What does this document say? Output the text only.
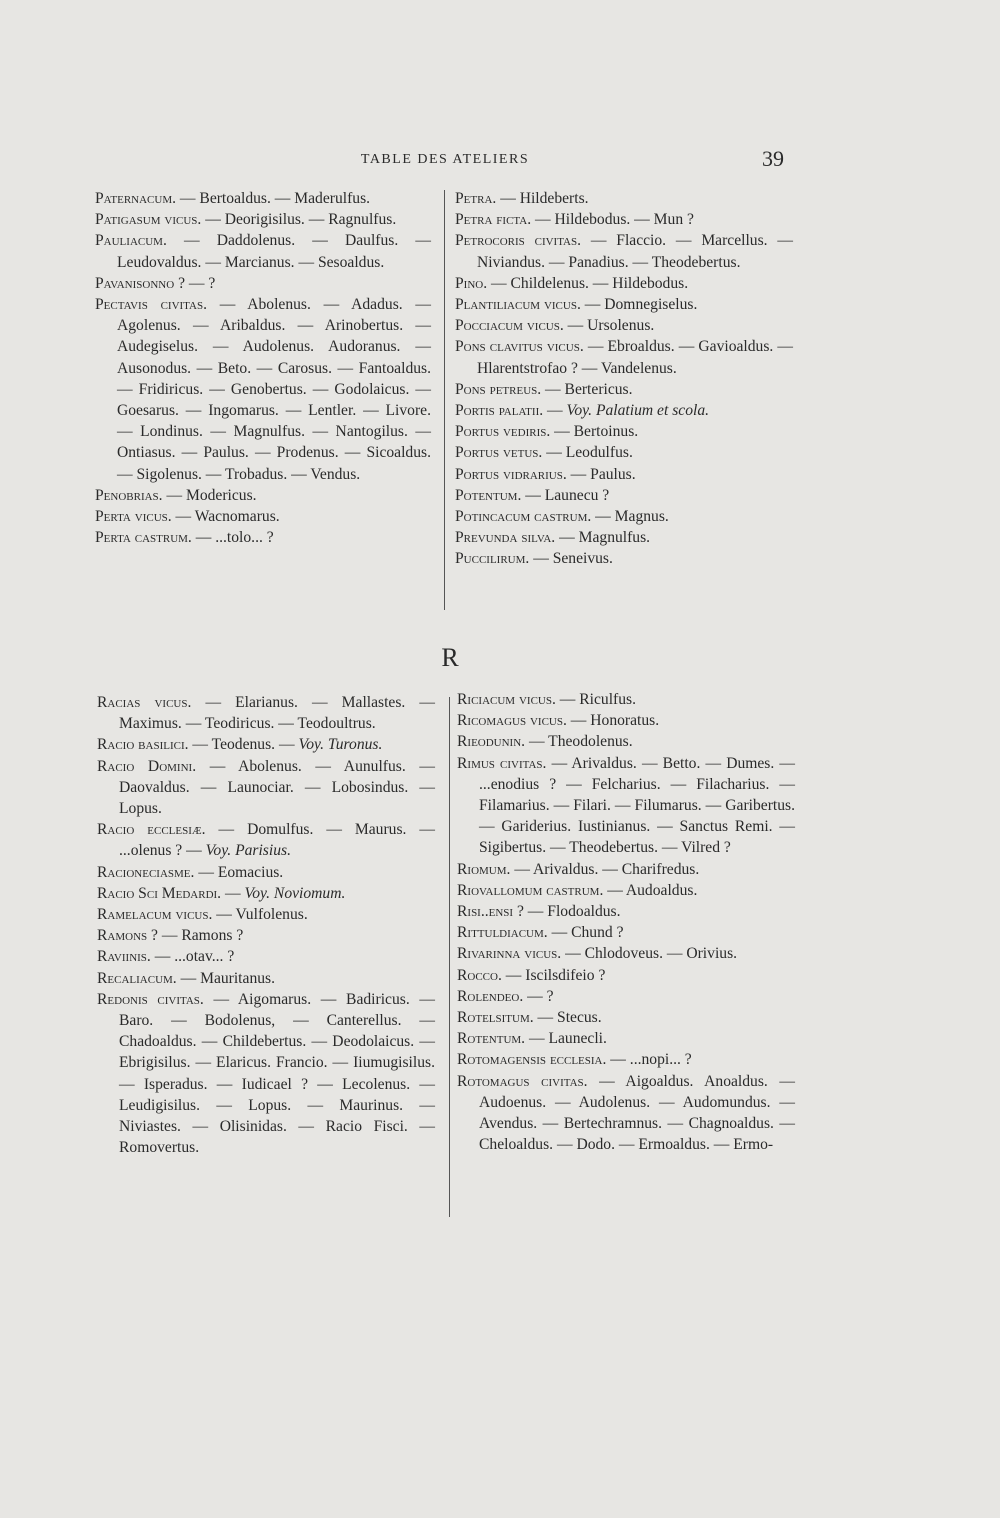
TABLE DES ATELIERS	39

Paternacum. — Bertoaldus. — Maderulfus.

Patigasum vicus. — Deorigisilus. — Ragnulfus.

Pauliacum. — Daddolenus. — Daulfus. — Leudovaldus. — Marcianus. — Sesoaldus.

Pavanisonno ? — ?

Pectavis civitas. — Abolenus. — Adadus. — Agolenus. — Aribaldus. — Arinobertus. — Audegiselus. — Audolenus. Audoranus. — Ausonodus. — Beto. — Carosus. — Fantoaldus. — Fridiricus. — Genobertus. — Godolaicus. — Goesarus. — Ingomarus. — Lentler. — Livore. — Londinus. — Magnulfus. — Nantogilus. — Ontiasus. — Paulus. — Prodenus. — Sicoaldus. — Sigolenus. — Trobadus. — Vendus.

Penobrias. — Modericus.

Perta vicus. — Wacnomarus.

Perta castrum. — ...tolo... ?

Petra. — Hildeberts.

Petra ficta. — Hildebodus. — Mun ?

Petrocoris civitas. — Flaccio. — Marcellus. — Niviandus. — Panadius. — Theodebertus.

Pino. — Childelenus. — Hildebodus.

Plantiliacum vicus. — Domnegiselus.

Pocciacum vicus. — Ursolenus.

Pons clavitus vicus. — Ebroaldus. — Gavioaldus. — Hlarentstrofao ? — Vandelenus.

Pons petreus. — Bertericus.

Portis palatii. — Voy. Palatium et scola.

Portus vediris. — Bertoinus.

Portus vetus. — Leodulfus.

Portus vidrarius. — Paulus.

Potentum. — Launecu ?

Potincacum castrum. — Magnus.

Prevunda silva. — Magnulfus.

Puccilirum. — Seneivus.

R

Racias vicus. — Elarianus. — Mallastes. — Maximus. — Teodiricus. — Teodoultrus.

Racio basilici. — Teodenus. — Voy. Turonus.

Racio Domini. — Abolenus. — Aunulfus. — Daovaldus. — Launociar. — Lobosindus. — Lopus.

Racio ecclesiæ. — Domulfus. — Maurus. — ...olenus ? — Voy. Parisius.

Racioneciasme. — Eomacius.

Racio Sci Medardi. — Voy. Noviomum.

Ramelacum vicus. — Vulfolenus.

Ramons ? — Ramons ?

Raviinis. — ...otav... ?

Recaliacum. — Mauritanus.

Redonis civitas. — Aigomarus. — Badiricus. — Baro. — Bodolenus, — Canterellus. — Chadoaldus. — Childebertus. — Deodolaicus. — Ebrigisilus. — Elaricus. Francio. — Iiumugisilus. — Isperadus. — Iudicael ? — Lecolenus. — Leudigisilus. — Lopus. — Maurinus. — Niviastes. — Olisinidas. — Racio Fisci. — Romovertus.

Riciacum vicus. — Riculfus.

Ricomagus vicus. — Honoratus.

Rieodunin. — Theodolenus.

Rimus civitas. — Arivaldus. — Betto. — Dumes. — ...enodius ? — Felcharius. — Filacharius. — Filamarius. — Filari. — Filumarus. — Garibertus. — Gariderius. Iustinianus. — Sanctus Remi. — Sigibertus. — Theodebertus. — Vilred ?

Riomum. — Arivaldus. — Charifredus.

Riovallomum castrum. — Audoaldus.

Risi..ensi ? — Flodoaldus.

Rittuldiacum. — Chund ?

Rivarinna vicus. — Chlodoveus. — Orivius.

Rocco. — Iscilsdifeio ?

Rolendeo. — ?

Rotelsitum. — Stecus.

Rotentum. — Launecli.

Rotomagensis ecclesia. — ...nopi... ?

Rotomagus civitas. — Aigoaldus. Anoaldus. — Audoenus. — Audolenus. — Audomundus. — Avendus. — Bertechramnus. — Chagnoaldus. — Cheloaldus. — Dodo. — Ermoaldus. — Ermo-
